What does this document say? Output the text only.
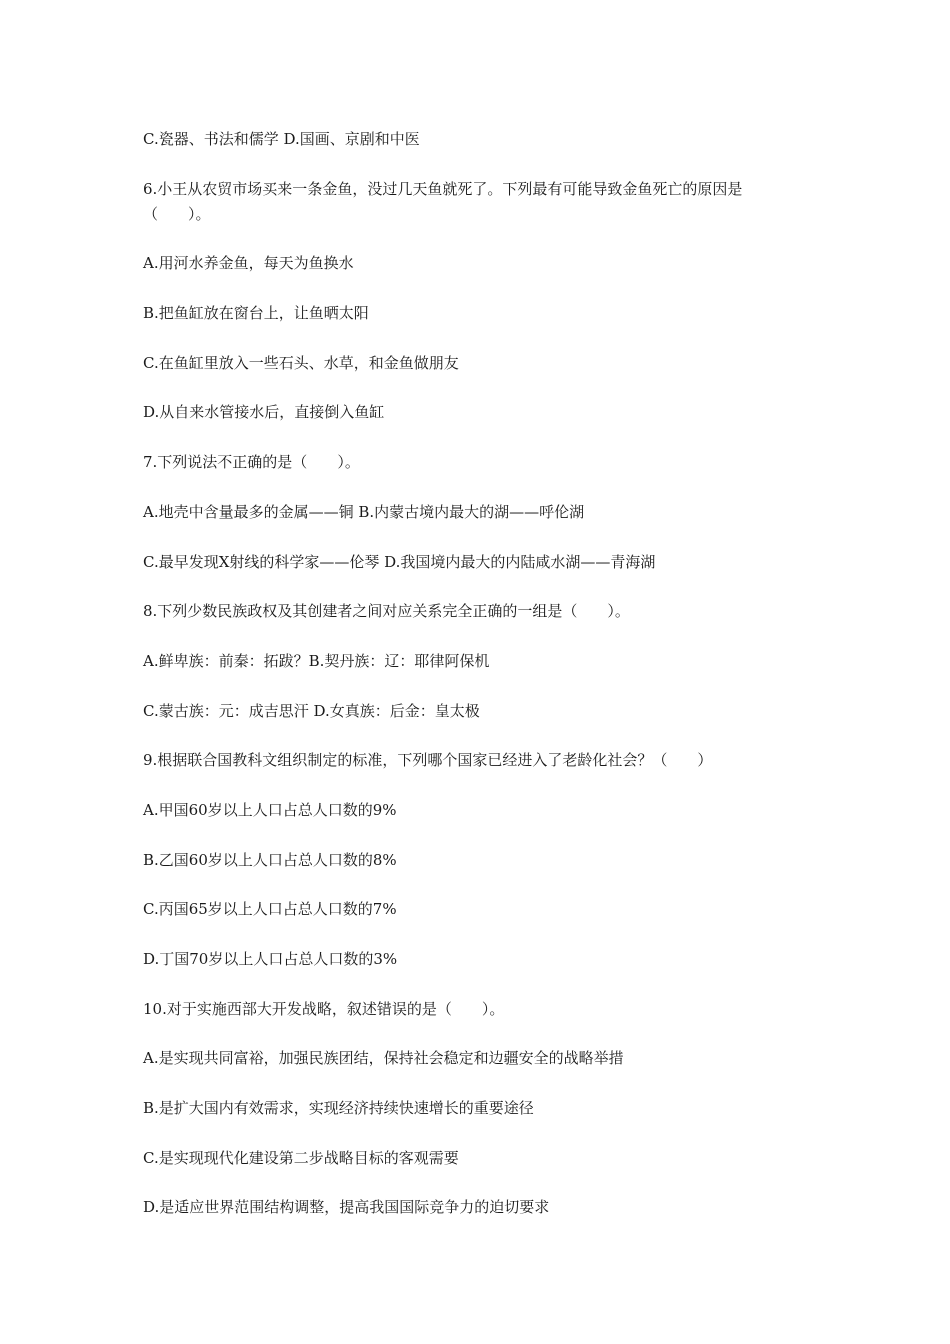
C.瓷器、书法和儒学 D.国画、京剧和中医
6.小王从农贸市场买来一条金鱼，没过几天鱼就死了。下列最有可能导致金鱼死亡的原因是
（　　）。
A.用河水养金鱼，每天为鱼换水
B.把鱼缸放在窗台上，让鱼晒太阳
C.在鱼缸里放入一些石头、水草，和金鱼做朋友
D.从自来水管接水后，直接倒入鱼缸
7.下列说法不正确的是（　　）。
A.地壳中含量最多的金属——铜 B.内蒙古境内最大的湖——呼伦湖
C.最早发现X射线的科学家——伦琴 D.我国境内最大的内陆咸水湖——青海湖
8.下列少数民族政权及其创建者之间对应关系完全正确的一组是（　　）。
A.鲜卑族：前秦：拓跋？B.契丹族：辽：耶律阿保机
C.蒙古族：元：成吉思汗 D.女真族：后金：皇太极
9.根据联合国教科文组织制定的标准，下列哪个国家已经进入了老龄化社会？（　　）
A.甲国60岁以上人口占总人口数的9%
B.乙国60岁以上人口占总人口数的8%
C.丙国65岁以上人口占总人口数的7%
D.丁国70岁以上人口占总人口数的3%
10.对于实施西部大开发战略，叙述错误的是（　　）。
A.是实现共同富裕，加强民族团结，保持社会稳定和边疆安全的战略举措
B.是扩大国内有效需求，实现经济持续快速增长的重要途径
C.是实现现代化建设第二步战略目标的客观需要
D.是适应世界范围结构调整，提高我国国际竞争力的迫切要求
